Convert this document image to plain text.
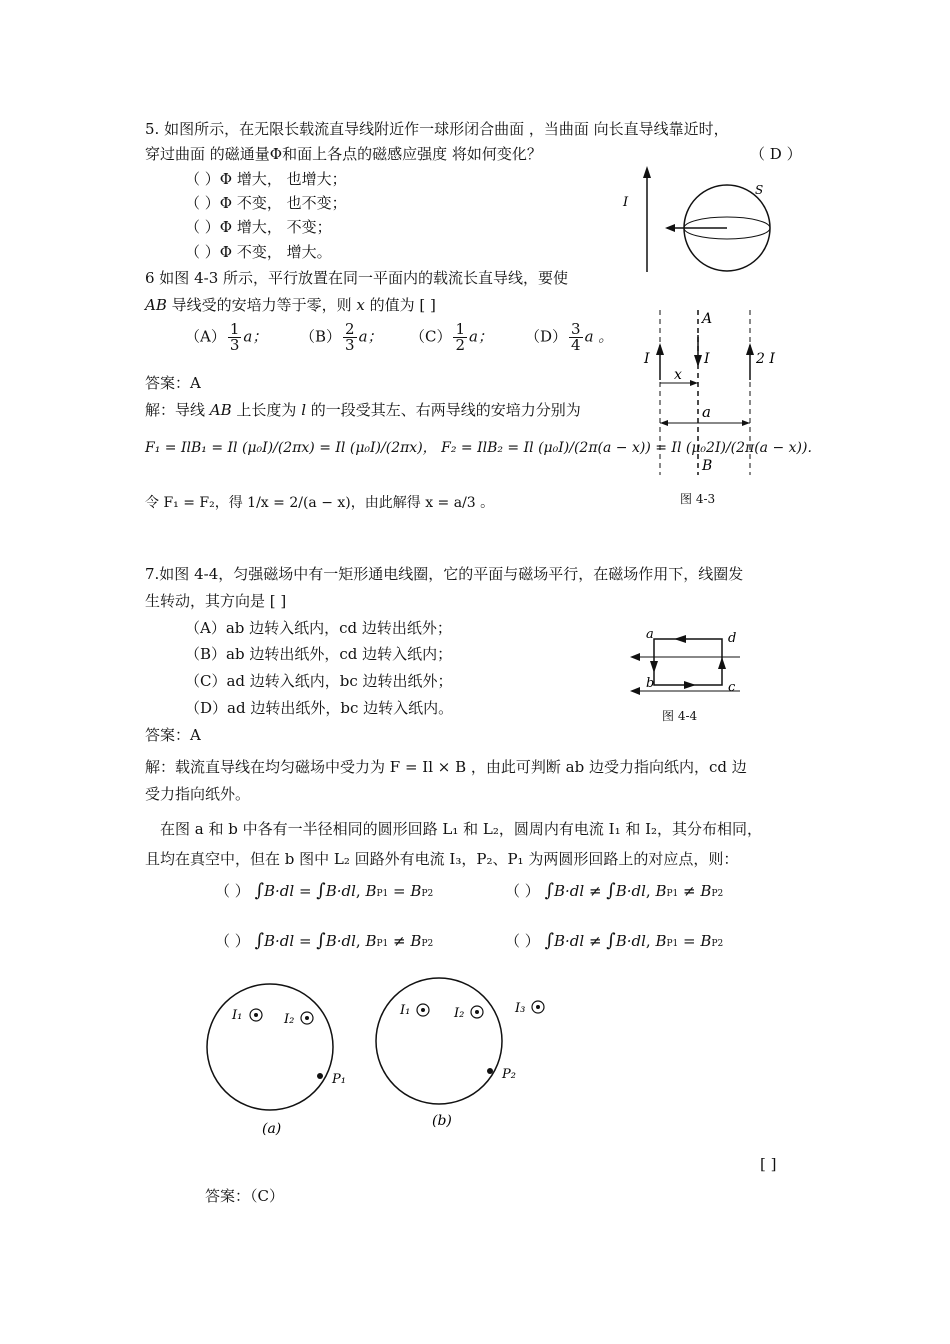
5. 如图所示，在无限长载流直导线附近作一球形闭合曲面 ，当曲面 向长直导线靠近时，
穿过曲面 的磁通量Φ和面上各点的磁感应强度 将如何变化？	（ D ）
（ ）Φ 增大， 也增大；
（ ）Φ 不变， 也不变；
（ ）Φ 增大， 不变；
（ ）Φ 不变， 增大。
I
S
6 如图 4-3 所示，平行放置在同一平面内的载流长直导线，要使
AB 导线受的安培力等于零，则 x 的值为 [ ]
$(A) \frac{1}{3}$ a； $(B) \frac{2}{3}$ a； $(C) \frac{1}{2}$ a； $(D) \frac{3}{4}$ a 。
答案：A
解：导线 AB 上长度为 l 的一段受其左、右两导线的安培力分别为
F₁ = IlB₁ = Il (μ₀I)/(2πx) = Il (μ₀I)/(2πx)， F₂ = IlB₂ = Il (μ₀I)/(2π(a − x)) = Il (μ₀2I)/(2π(a − x)).
令 F₁ = F₂，得 1/x = 2/(a − x)，由此解得 x = a/3 。
A
B
I	I	2 I
x
a
图 4-3
7.如图 4-4，匀强磁场中有一矩形通电线圈，它的平面与磁场平行，在磁场作用下，线圈发
生转动，其方向是 [ ]
（A）ab 边转入纸内，cd 边转出纸外；
（B）ab 边转出纸外，cd 边转入纸内；
（C）ad 边转入纸内，bc 边转出纸外；
（D）ad 边转出纸外，bc 边转入纸内。
答案：A
解：载流直导线在均匀磁场中受力为 F = Il × B ，由此可判断 ab 边受力指向纸内，cd 边
受力指向纸外。
a	d
b	c
图 4-4
在图 a 和 b 中各有一半径相同的圆形回路 L₁ 和 L₂，圆周内有电流 I₁ 和 I₂，其分布相同，
且均在真空中，但在 b 图中 L₂ 回路外有电流 I₃，P₂、P₁ 为两圆形回路上的对应点，则：
（ ） ∫B·dl = ∫B·dl, BP1 = BP2	（ ） ∫B·dl ≠ ∫B·dl, BP1 ≠ BP2
（ ） ∫B·dl = ∫B·dl, BP1 ≠ BP2	（ ） ∫B·dl ≠ ∫B·dl, BP1 = BP2
I₁	I₂
P₁
(a)
I₁	I₂	I₃
P₂
(b)
[ ]
答案：（C）
